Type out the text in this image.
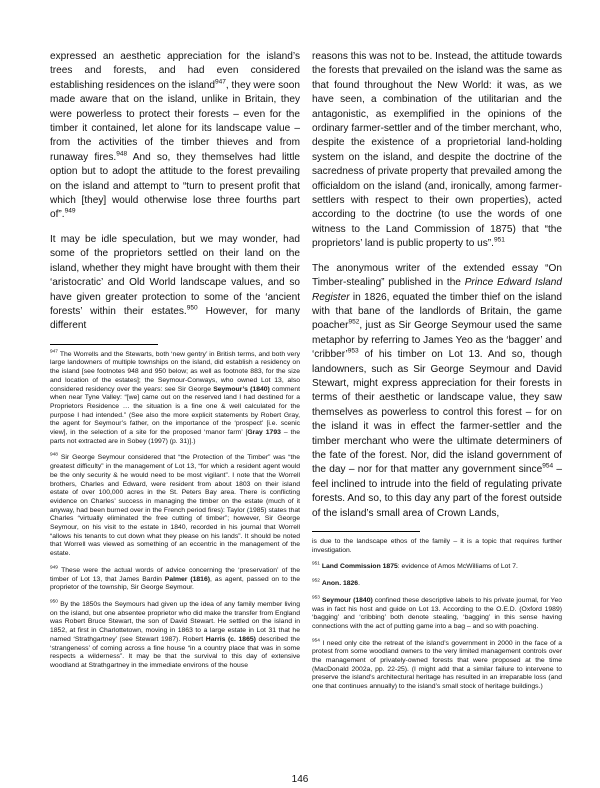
expressed an aesthetic appreciation for the island’s trees and forests, and had even considered establishing residences on the island$^{947}$, they were soon made aware that on the island, unlike in Britain, they were powerless to protect their forests – even for the timber it contained, let alone for its landscape value – from the activities of the timber thieves and from runaway fires.$^{948}$ And so, they themselves had little option but to adopt the attitude to the forest prevailing on the island and attempt to “turn to present profit that which [they] would otherwise lose three fourths part of”.$^{949}$

It may be idle speculation, but we may wonder, had some of the proprietors settled on their land on the island, whether they might have brought with them their ‘aristocratic’ and Old World landscape values, and so have given greater protection to some of the ‘ancient forests’ within their estates.$^{950}$ However, for many different

$^{947}$ The Worrells and the Stewarts, both ‘new gentry’ in British terms, and both very large landowners of multiple townships on the island, did establish a residency on the island [see footnotes 948 and 950 below; as well as footnote 883, for the size and location of the estates]; the Seymour-Conways, who owned Lot 13, also considered residency over the years: see Sir George Seymour’s (1840) comment when near Tyne Valley: “[we] came out on the reserved land I had destined for a Proprietors Residence … the situation is a fine one & well calculated for the purpose I had intended.” (See also the more explicit statements by Robert Gray, the agent for Seymour’s father, on the importance of the ‘prospect’ [i.e. scenic view], in the selection of a site for the proposed ‘manor farm’ [Gray 1793 – the parts not extracted are in Sobey (1997) (p. 31)].)

$^{948}$ Sir George Seymour considered that “the Protection of the Timber” was “the greatest difficulty” in the management of Lot 13, “for which a resident agent would be the only security & he would need to be most vigilant”. I note that the Worrell brothers, Charles and Edward, were resident from about 1803 on their island estate of over 100,000 acres in the St. Peters Bay area. There is conflicting evidence on Charles’ success in managing the timber on the estate (much of it anyway, had been burned over in the French period fires): Taylor (1985) states that Charles “virtually eliminated the free cutting of timber”; however, Sir George Seymour, on his visit to the estate in 1840, recorded in his journal that Worrell “allows his tenants to cut down what they please on his lands”. It should be noted that Worrell was viewed as something of an eccentric in the management of the estate.

$^{949}$ These were the actual words of advice concerning the ‘preservation’ of the timber of Lot 13, that James Bardin Palmer (1816), as agent, passed on to the proprietor of the township, Sir George Seymour.

$^{950}$ By the 1850s the Seymours had given up the idea of any family member living on the island, but one absentee proprietor who did make the transfer from England was Robert Bruce Stewart, the son of David Stewart. He settled on the island in 1852, at first in Charlottetown, moving in 1863 to a large estate in Lot 31 that he named ‘Strathgartney’ (see Stewart 1987). Robert Harris (c. 1865) described the ‘strangeness’ of coming across a fine house “in a country place that was in some respects a wilderness”. It may be that the survival to this day of extensive woodland at Strathgartney in the immediate environs of the house

reasons this was not to be. Instead, the attitude towards the forests that prevailed on the island was the same as that found throughout the New World: it was, as we have seen, a combination of the utilitarian and the antagonistic, as exemplified in the opinions of the ordinary farmer-settler and of the timber merchant, who, despite the existence of a proprietorial land-holding system on the island, and despite the doctrine of the sacredness of private property that prevailed among the officialdom on the island (and, ironically, among farmer-settlers with respect to their own properties), acted according to the doctrine (to use the words of one witness to the Land Commission of 1875) that “the proprietors’ land is public property to us”.$^{951}$

The anonymous writer of the extended essay “On Timber-stealing” published in the Prince Edward Island Register in 1826, equated the timber thief on the island with that bane of the landlords of Britain, the game poacher$^{952}$, just as Sir George Seymour used the same metaphor by referring to James Yeo as the ‘bagger’ and ‘cribber’$^{953}$ of his timber on Lot 13. And so, though landowners, such as Sir George Seymour and David Stewart, might express appreciation for their forests in terms of their aesthetic or landscape value, they saw themselves as powerless to control this forest – for on the island it was in effect the farmer-settler and the timber merchant who were the ultimate determiners of the fate of the forest. Nor, did the island government of the day – nor for that matter any government since$^{954}$ – feel inclined to intrude into the field of regulating private forests. And so, to this day any part of the forest outside of the island’s small area of Crown Lands,

is due to the landscape ethos of the family – it is a topic that requires further investigation.

$^{951}$ Land Commission 1875: evidence of Amos McWilliams of Lot 7.

$^{952}$ Anon. 1826.

$^{953}$ Seymour (1840) confined these descriptive labels to his private journal, for Yeo was in fact his host and guide on Lot 13. According to the O.E.D. (Oxford 1989) ‘bagging’ and ‘cribbing’ both denote stealing, ‘bagging’ in this sense having connections with the act of putting game into a bag – and so with poaching.

$^{954}$ I need only cite the retreat of the island’s government in 2000 in the face of a protest from some woodland owners to the very limited management controls over the management of privately-owned forests that were proposed at the time (MacDonald 2002a, pp. 22-25). (I might add that a similar failure to intervene to preserve the island’s architectural heritage has resulted in an irreparable loss (and one that continues annually) to the island’s small stock of heritage buildings.)

146
